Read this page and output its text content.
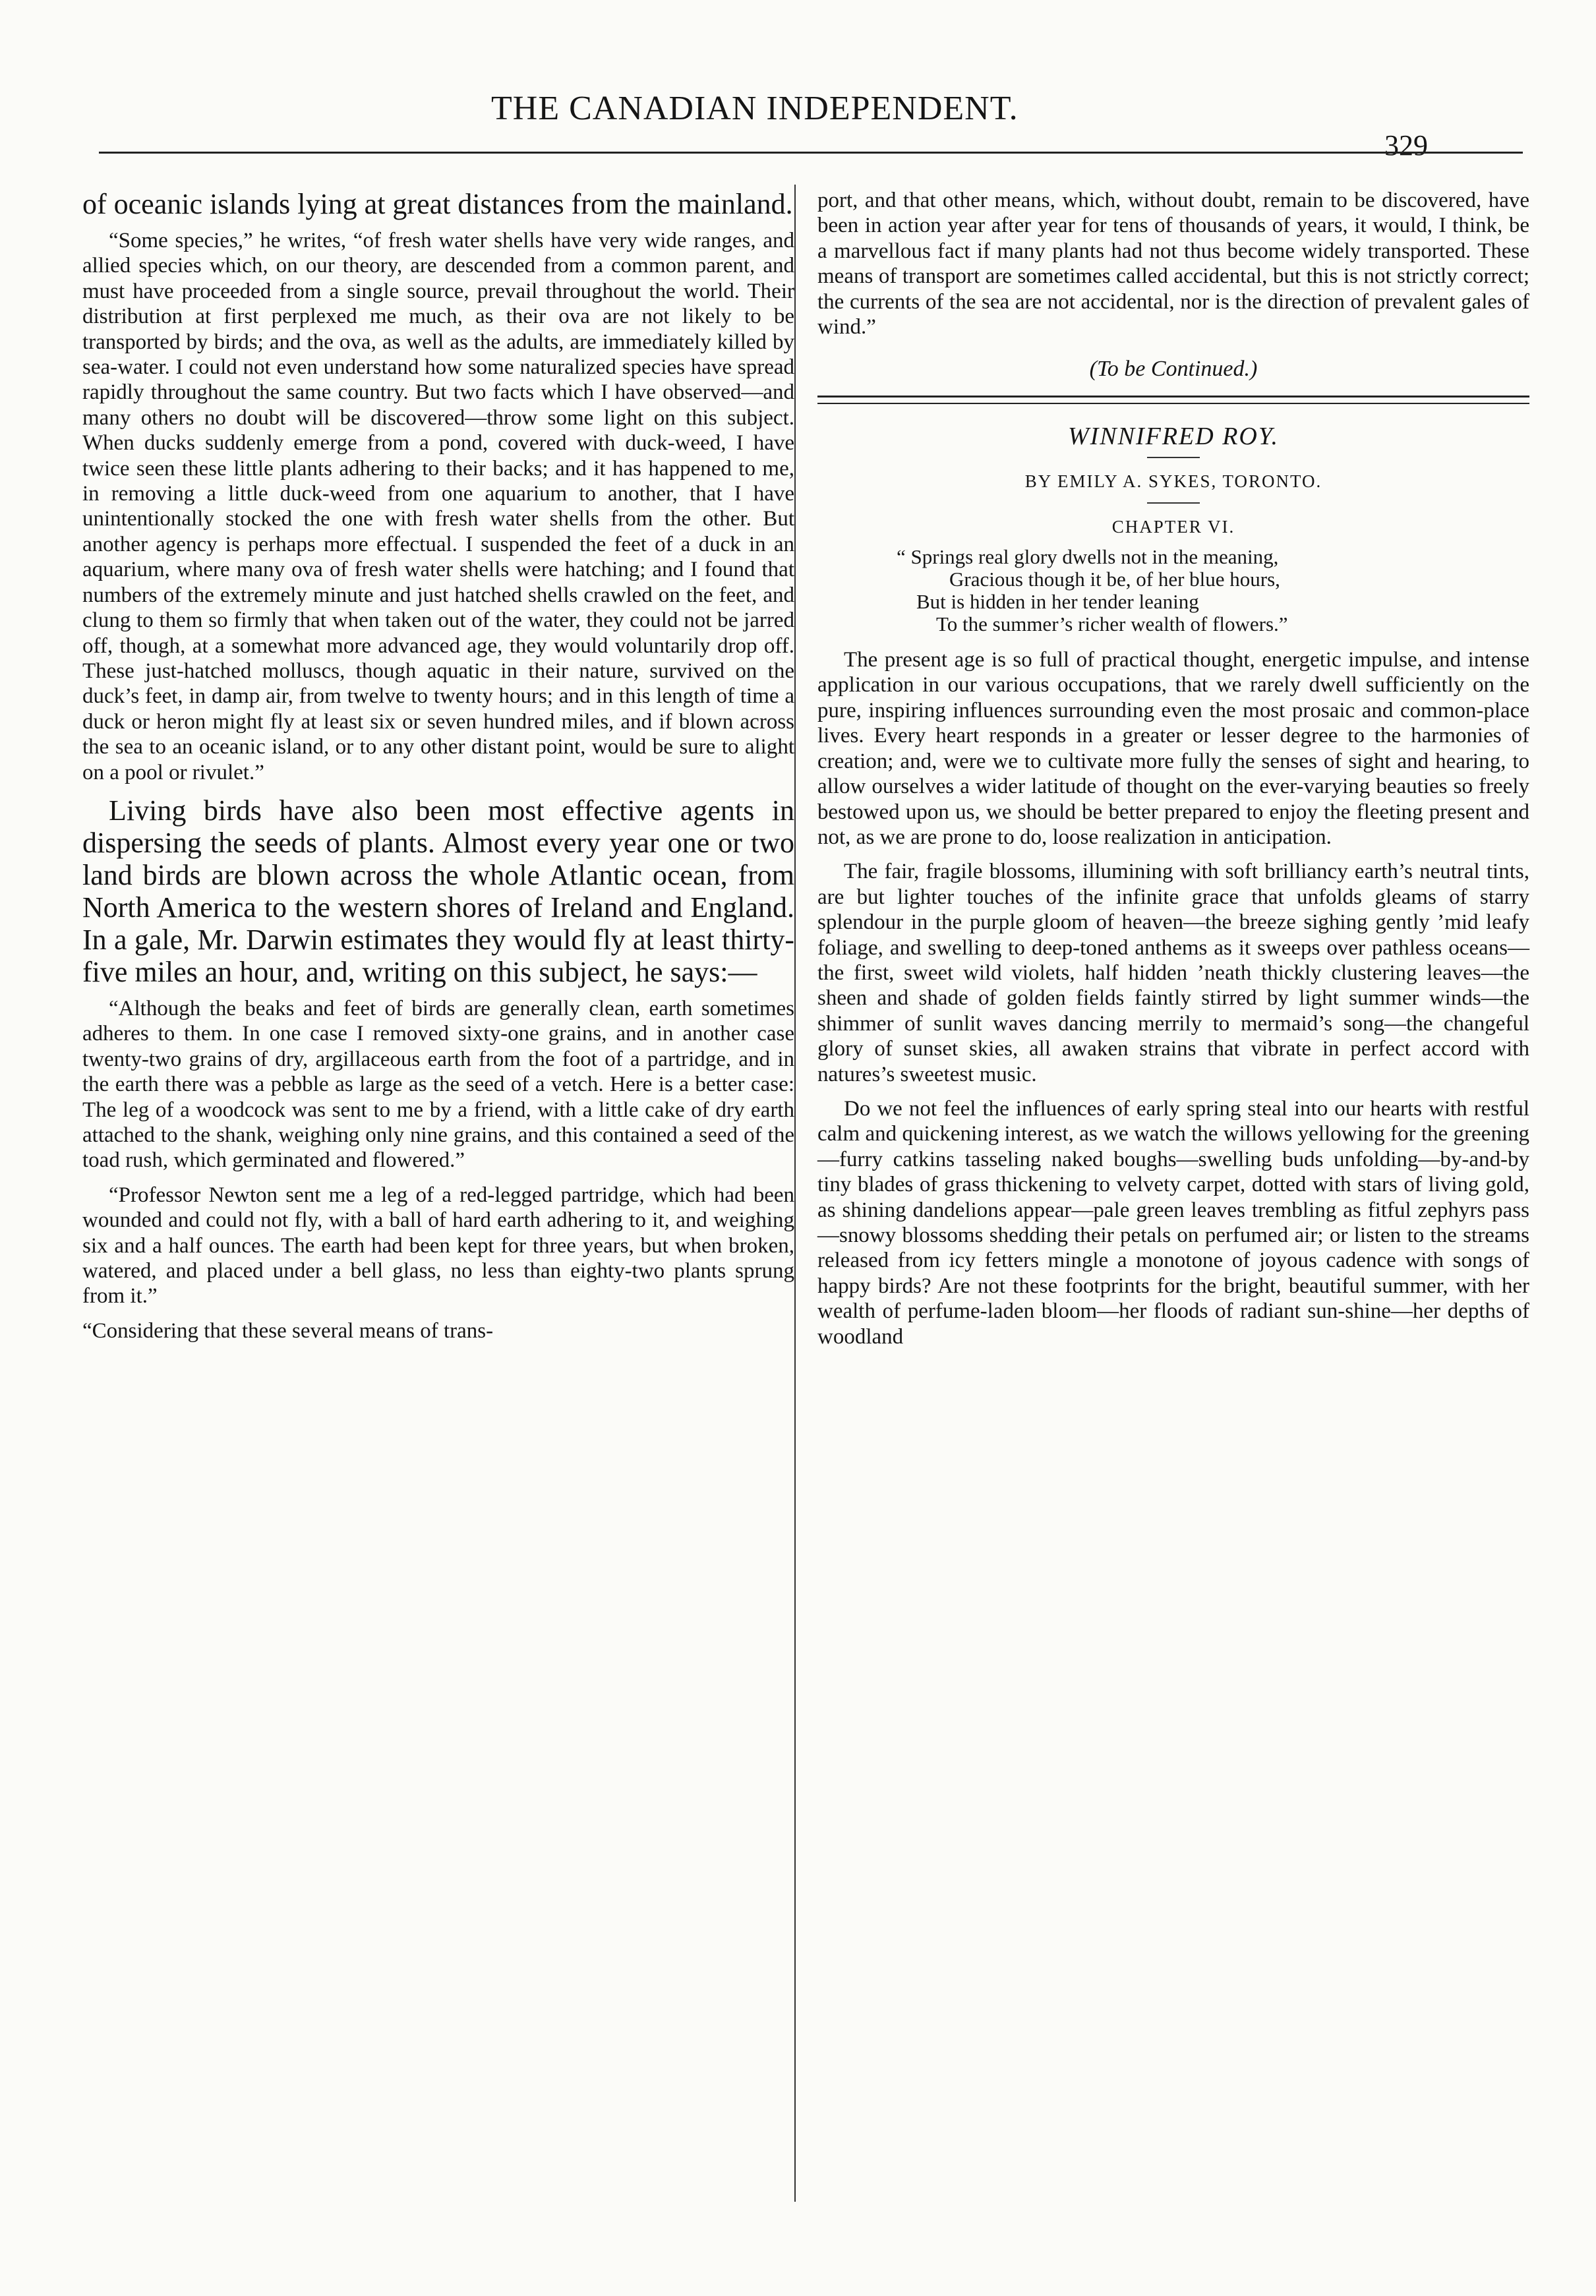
THE CANADIAN INDEPENDENT.
329

of oceanic islands lying at great distances from the mainland.

“Some species,” he writes, “of fresh water shells have very wide ranges, and allied species which, on our theory, are descended from a common parent, and must have proceeded from a single source, prevail throughout the world. Their distribution at first perplexed me much, as their ova are not likely to be transported by birds; and the ova, as well as the adults, are immediately killed by sea-water. I could not even understand how some naturalized species have spread rapidly throughout the same country. But two facts which I have observed—and many others no doubt will be discovered—throw some light on this subject. When ducks suddenly emerge from a pond, covered with duck-weed, I have twice seen these little plants adhering to their backs; and it has happened to me, in removing a little duck-weed from one aquarium to another, that I have unintentionally stocked the one with fresh water shells from the other. But another agency is perhaps more effectual. I suspended the feet of a duck in an aquarium, where many ova of fresh water shells were hatching; and I found that numbers of the extremely minute and just hatched shells crawled on the feet, and clung to them so firmly that when taken out of the water, they could not be jarred off, though, at a somewhat more advanced age, they would voluntarily drop off. These just-hatched molluscs, though aquatic in their nature, survived on the duck’s feet, in damp air, from twelve to twenty hours; and in this length of time a duck or heron might fly at least six or seven hundred miles, and if blown across the sea to an oceanic island, or to any other distant point, would be sure to alight on a pool or rivulet.”

Living birds have also been most effective agents in dispersing the seeds of plants. Almost every year one or two land birds are blown across the whole Atlantic ocean, from North America to the western shores of Ireland and England. In a gale, Mr. Darwin estimates they would fly at least thirty-five miles an hour, and, writing on this subject, he says:—

“Although the beaks and feet of birds are generally clean, earth sometimes adheres to them. In one case I removed sixty-one grains, and in another case twenty-two grains of dry, argillaceous earth from the foot of a partridge, and in the earth there was a pebble as large as the seed of a vetch. Here is a better case: The leg of a woodcock was sent to me by a friend, with a little cake of dry earth attached to the shank, weighing only nine grains, and this contained a seed of the toad rush, which germinated and flowered.”

“Professor Newton sent me a leg of a red-legged partridge, which had been wounded and could not fly, with a ball of hard earth adhering to it, and weighing six and a half ounces. The earth had been kept for three years, but when broken, watered, and placed under a bell glass, no less than eighty-two plants sprung from it.”

“Considering that these several means of trans-

port, and that other means, which, without doubt, remain to be discovered, have been in action year after year for tens of thousands of years, it would, I think, be a marvellous fact if many plants had not thus become widely transported. These means of transport are sometimes called accidental, but this is not strictly correct; the currents of the sea are not accidental, nor is the direction of prevalent gales of wind.”

(To be Continued.)

WINNIFRED ROY.
BY EMILY A. SYKES, TORONTO.
CHAPTER VI.
“ Springs real glory dwells not in the meaning,
Gracious though it be, of her blue hours,
But is hidden in her tender leaning
To the summer’s richer wealth of flowers.”

The present age is so full of practical thought, energetic impulse, and intense application in our various occupations, that we rarely dwell sufficiently on the pure, inspiring influences surrounding even the most prosaic and common-place lives. Every heart responds in a greater or lesser degree to the harmonies of creation; and, were we to cultivate more fully the senses of sight and hearing, to allow ourselves a wider latitude of thought on the ever-varying beauties so freely bestowed upon us, we should be better prepared to enjoy the fleeting present and not, as we are prone to do, loose realization in anticipation.

The fair, fragile blossoms, illumining with soft brilliancy earth’s neutral tints, are but lighter touches of the infinite grace that unfolds gleams of starry splendour in the purple gloom of heaven—the breeze sighing gently ’mid leafy foliage, and swelling to deep-toned anthems as it sweeps over pathless oceans—the first, sweet wild violets, half hidden ’neath thickly clustering leaves—the sheen and shade of golden fields faintly stirred by light summer winds—the shimmer of sunlit waves dancing merrily to mermaid’s song—the changeful glory of sunset skies, all awaken strains that vibrate in perfect accord with natures’s sweetest music.

Do we not feel the influences of early spring steal into our hearts with restful calm and quickening interest, as we watch the willows yellowing for the greening—furry catkins tasseling naked boughs—swelling buds unfolding—by-and-by tiny blades of grass thickening to velvety carpet, dotted with stars of living gold, as shining dandelions appear—pale green leaves trembling as fitful zephyrs pass—snowy blossoms shedding their petals on perfumed air; or listen to the streams released from icy fetters mingle a monotone of joyous cadence with songs of happy birds? Are not these footprints for the bright, beautiful summer, with her wealth of perfume-laden bloom—her floods of radiant sun-shine—her depths of woodland
